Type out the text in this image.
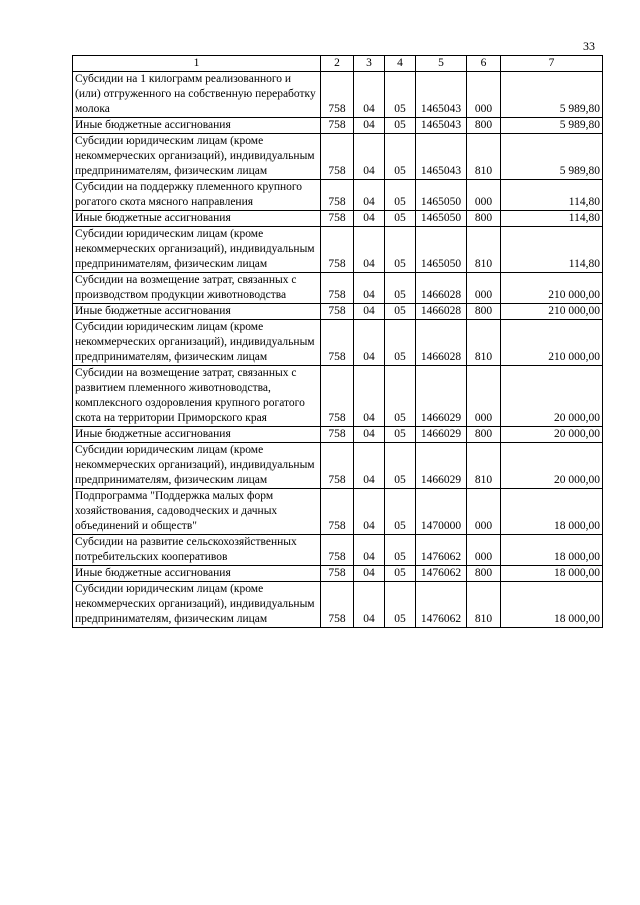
33
1	2	3	4	5	6	7
Субсидии на 1 килограмм реализованного и (или) отгруженного на собственную переработку молока	758	04	05	1465043	000	5 989,80
Иные бюджетные ассигнования	758	04	05	1465043	800	5 989,80
Субсидии юридическим лицам (кроме некоммерческих организаций), индивидуальным предпринимателям, физическим лицам	758	04	05	1465043	810	5 989,80
Субсидии на поддержку племенного крупного рогатого скота мясного направления	758	04	05	1465050	000	114,80
Иные бюджетные ассигнования	758	04	05	1465050	800	114,80
Субсидии юридическим лицам (кроме некоммерческих организаций), индивидуальным предпринимателям, физическим лицам	758	04	05	1465050	810	114,80
Субсидии на возмещение затрат, связанных с производством продукции животноводства	758	04	05	1466028	000	210 000,00
Иные бюджетные ассигнования	758	04	05	1466028	800	210 000,00
Субсидии юридическим лицам (кроме некоммерческих организаций), индивидуальным предпринимателям, физическим лицам	758	04	05	1466028	810	210 000,00
Субсидии на возмещение затрат, связанных с развитием племенного животноводства, комплексного оздоровления крупного рогатого скота на территории Приморского края	758	04	05	1466029	000	20 000,00
Иные бюджетные ассигнования	758	04	05	1466029	800	20 000,00
Субсидии юридическим лицам (кроме некоммерческих организаций), индивидуальным предпринимателям, физическим лицам	758	04	05	1466029	810	20 000,00
Подпрограмма "Поддержка малых форм хозяйствования, садоводческих и дачных объединений и обществ"	758	04	05	1470000	000	18 000,00
Субсидии на развитие сельскохозяйственных потребительских кооперативов	758	04	05	1476062	000	18 000,00
Иные бюджетные ассигнования	758	04	05	1476062	800	18 000,00
Субсидии юридическим лицам (кроме некоммерческих организаций), индивидуальным предпринимателям, физическим лицам	758	04	05	1476062	810	18 000,00
